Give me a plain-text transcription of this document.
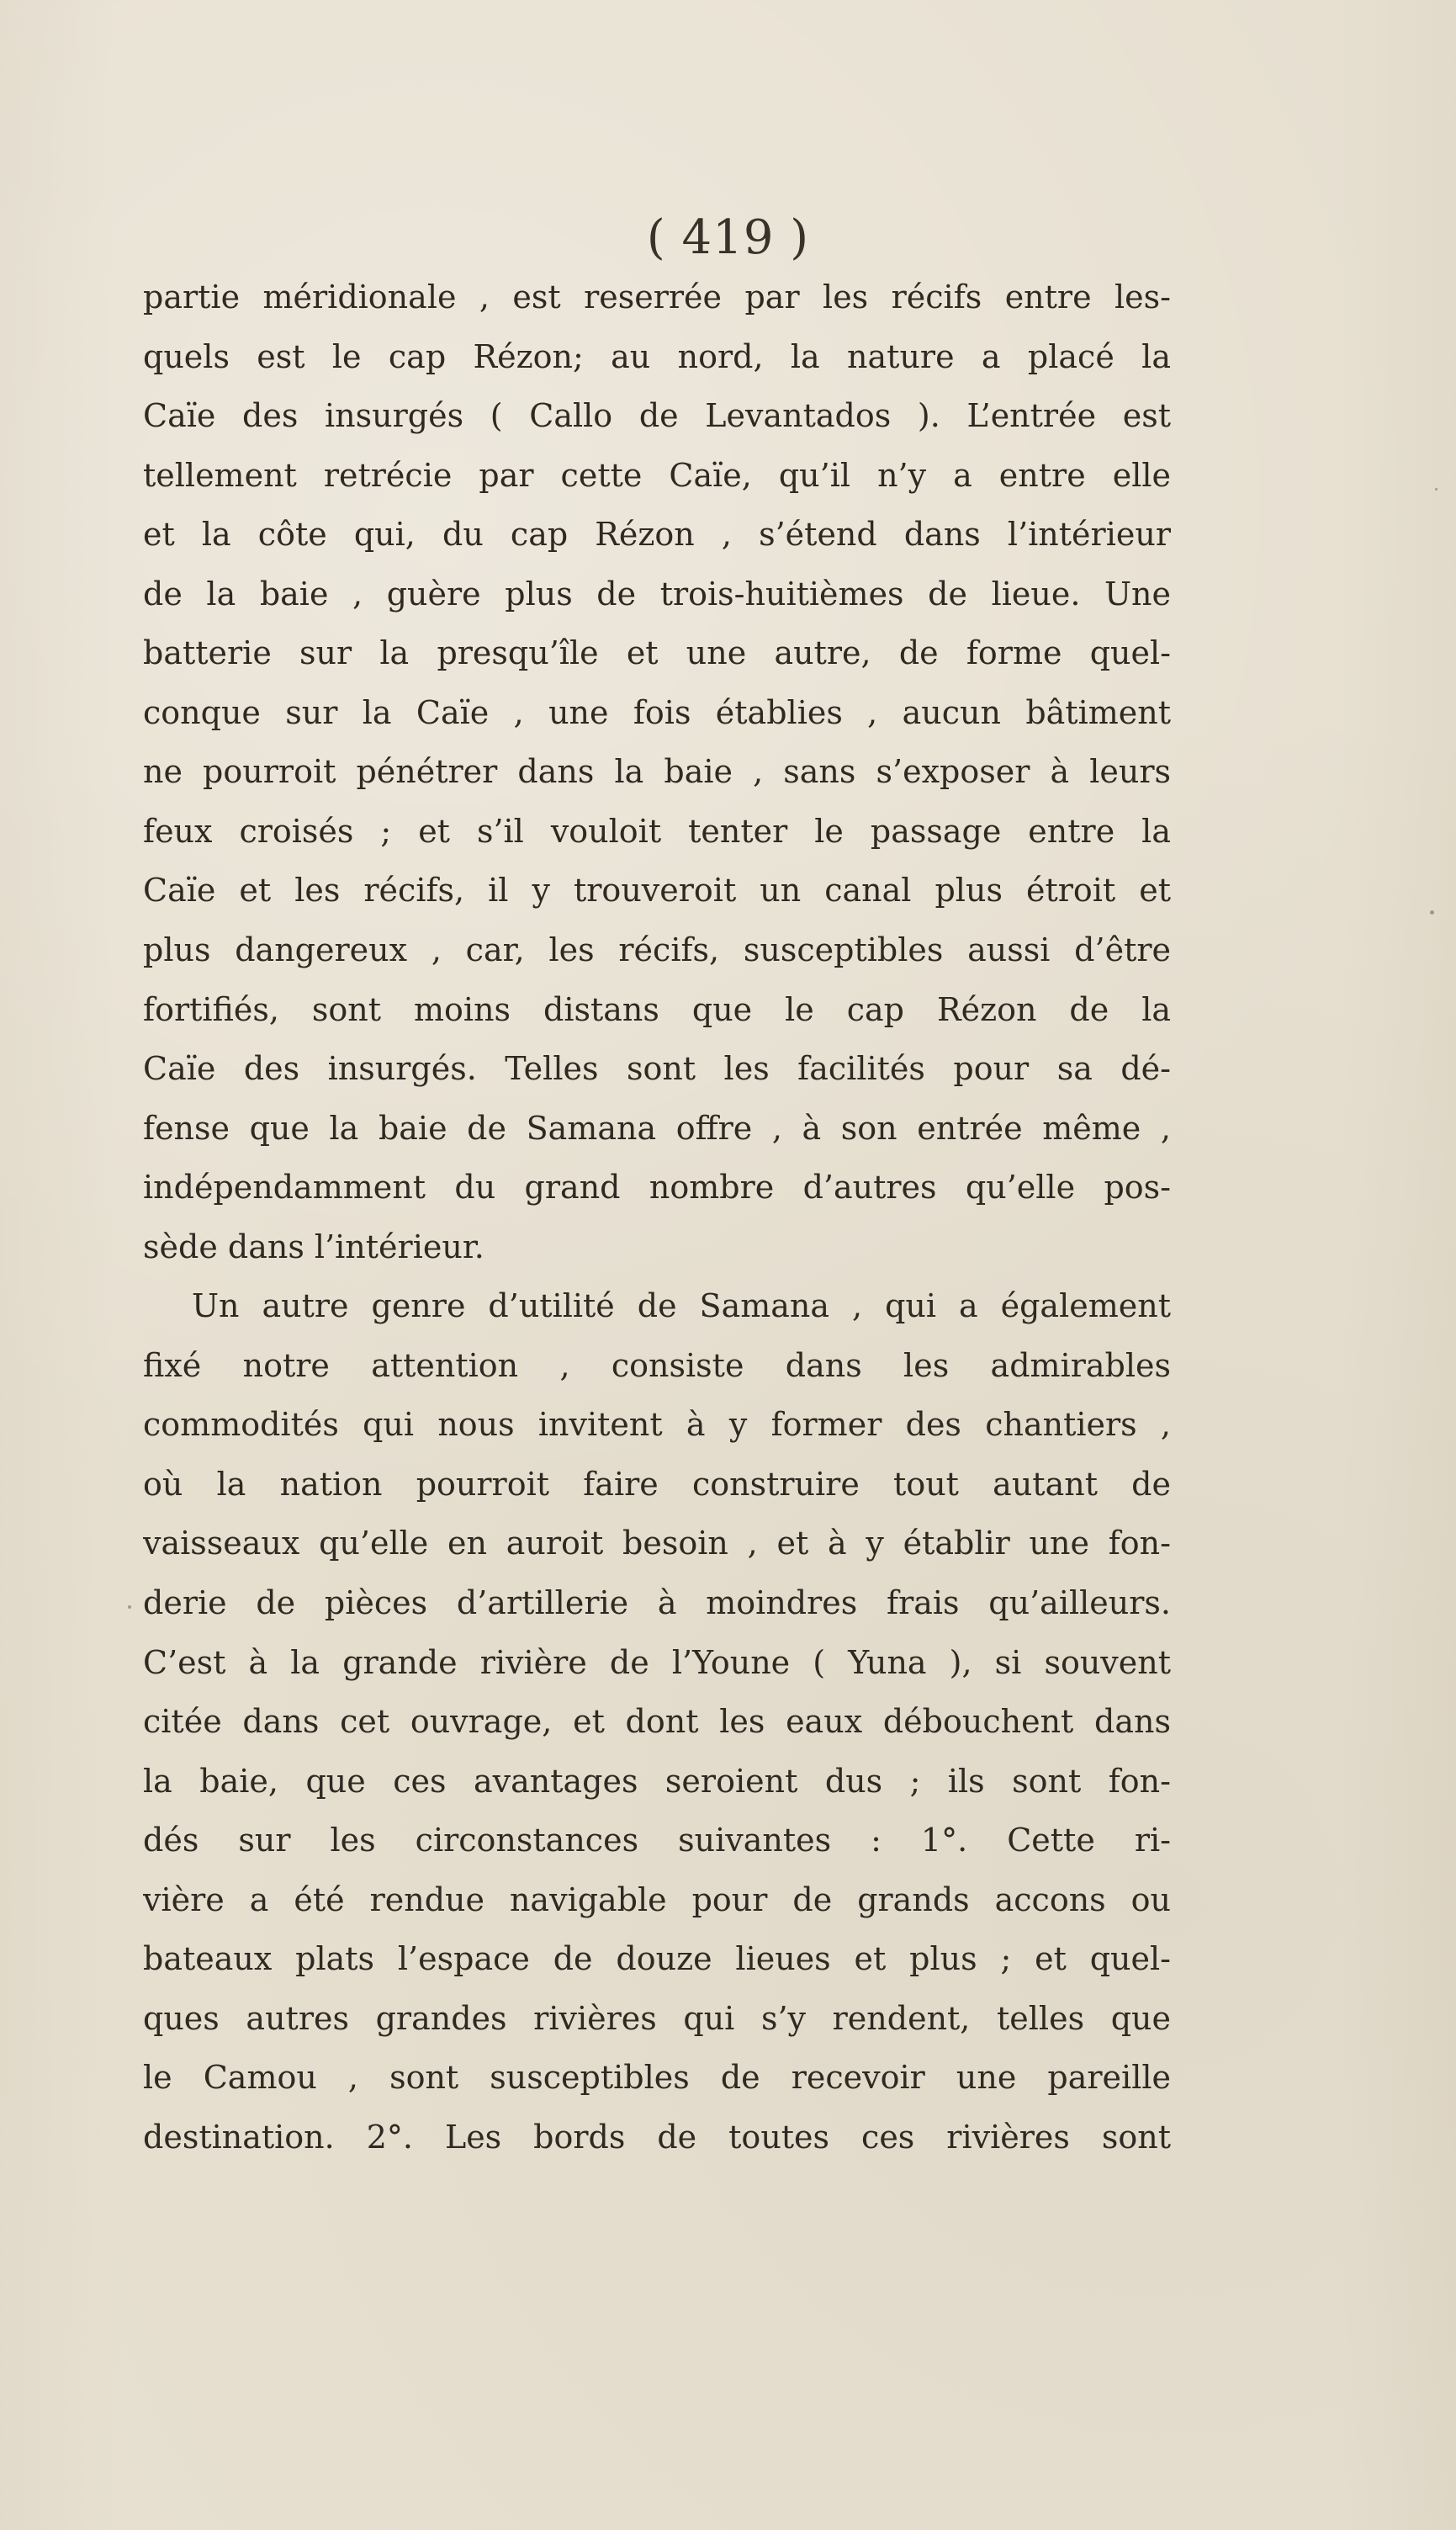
( 419 )
partie méridionale , est reserrée par les récifs entre les-
quels est le cap Rézon; au nord, la nature a placé la
Caïe des insurgés ( Callo de Levantados ). L’entrée est
tellement retrécie par cette Caïe, qu’il n’y a entre elle
et la côte qui, du cap Rézon , s’étend dans l’intérieur
de la baie , guère plus de trois-huitièmes de lieue. Une
batterie sur la presqu’île et une autre, de forme quel-
conque sur la Caïe , une fois établies , aucun bâtiment
ne pourroit pénétrer dans la baie , sans s’exposer à leurs
feux croisés ; et s’il vouloit tenter le passage entre la
Caïe et les récifs, il y trouveroit un canal plus étroit et
plus dangereux , car, les récifs, susceptibles aussi d’être
fortifiés, sont moins distans que le cap Rézon de la
Caïe des insurgés. Telles sont les facilités pour sa dé-
fense que la baie de Samana offre , à son entrée même ,
indépendamment du grand nombre d’autres qu’elle pos-
sède dans l’intérieur.
Un autre genre d’utilité de Samana , qui a également
fixé notre attention , consiste dans les admirables
commodités qui nous invitent à y former des chantiers ,
où la nation pourroit faire construire tout autant de
vaisseaux qu’elle en auroit besoin , et à y établir une fon-
derie de pièces d’artillerie à moindres frais qu’ailleurs.
C’est à la grande rivière de l’Youne ( Yuna ), si souvent
citée dans cet ouvrage, et dont les eaux débouchent dans
la baie, que ces avantages seroient dus ; ils sont fon-
dés sur les circonstances suivantes : 1°. Cette ri-
vière a été rendue navigable pour de grands accons ou
bateaux plats l’espace de douze lieues et plus ; et quel-
ques autres grandes rivières qui s’y rendent, telles que
le Camou , sont susceptibles de recevoir une pareille
destination. 2°. Les bords de toutes ces rivières sont
